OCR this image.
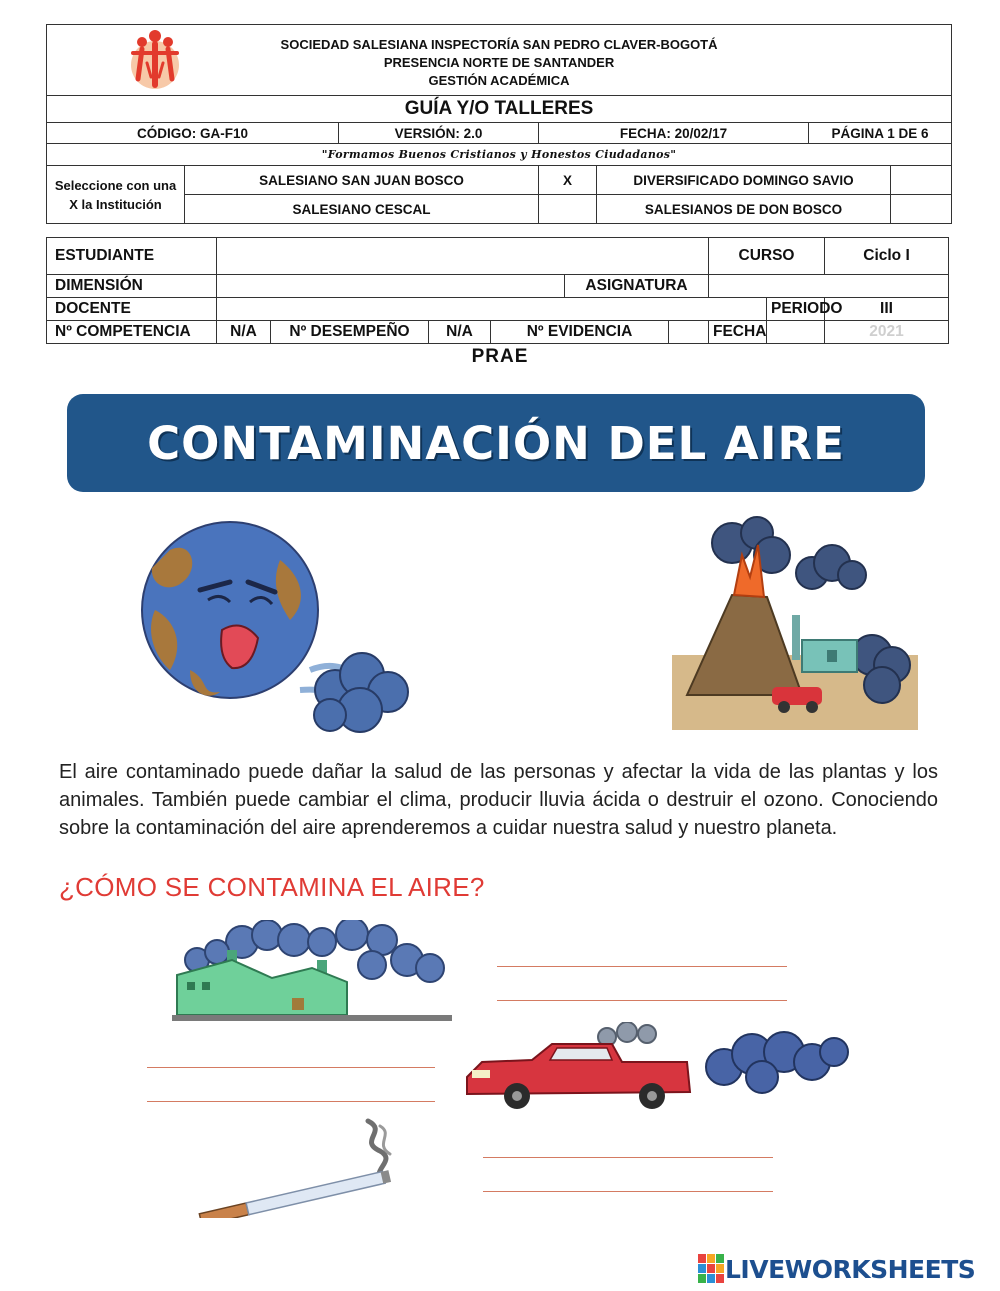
SOCIEDAD SALESIANA INSPECTORÍA SAN PEDRO CLAVER-BOGOTÁ
PRESENCIA NORTE DE SANTANDER
GESTIÓN ACADÉMICA						

GUÍA Y/O TALLERES						
CÓDIGO: GA-F10		VERSIÓN: 2.0	FECHA: 20/02/17		PÁGINA 1 DE 6	
"Formamos Buenos Cristianos y Honestos Ciudadanos"						
Seleccione con una X la Institución	SALESIANO SAN JUAN BOSCO		X	DIVERSIFICADO DOMINGO SAVIO		
	SALESIANO CESCAL			SALESIANOS DE DON BOSCO		
ESTUDIANTE							CURSO		Ciclo I
DIMENSIÓN					ASIGNATURA				
DOCENTE								PERIODO	III
Nº COMPETENCIA	N/A	Nº DESEMPEÑO	N/A	Nº EVIDENCIA			FECHA		2021
PRAE
CONTAMINACIÓN DEL AIRE

El aire contaminado puede dañar la salud de las personas y afectar la vida de las plantas y los animales. También puede cambiar el clima, producir lluvia ácida o destruir el ozono. Conociendo sobre la contaminación del aire aprenderemos a cuidar nuestra salud y nuestro planeta.

¿CÓMO SE CONTAMINA EL AIRE?
LIVEWORKSHEETS
